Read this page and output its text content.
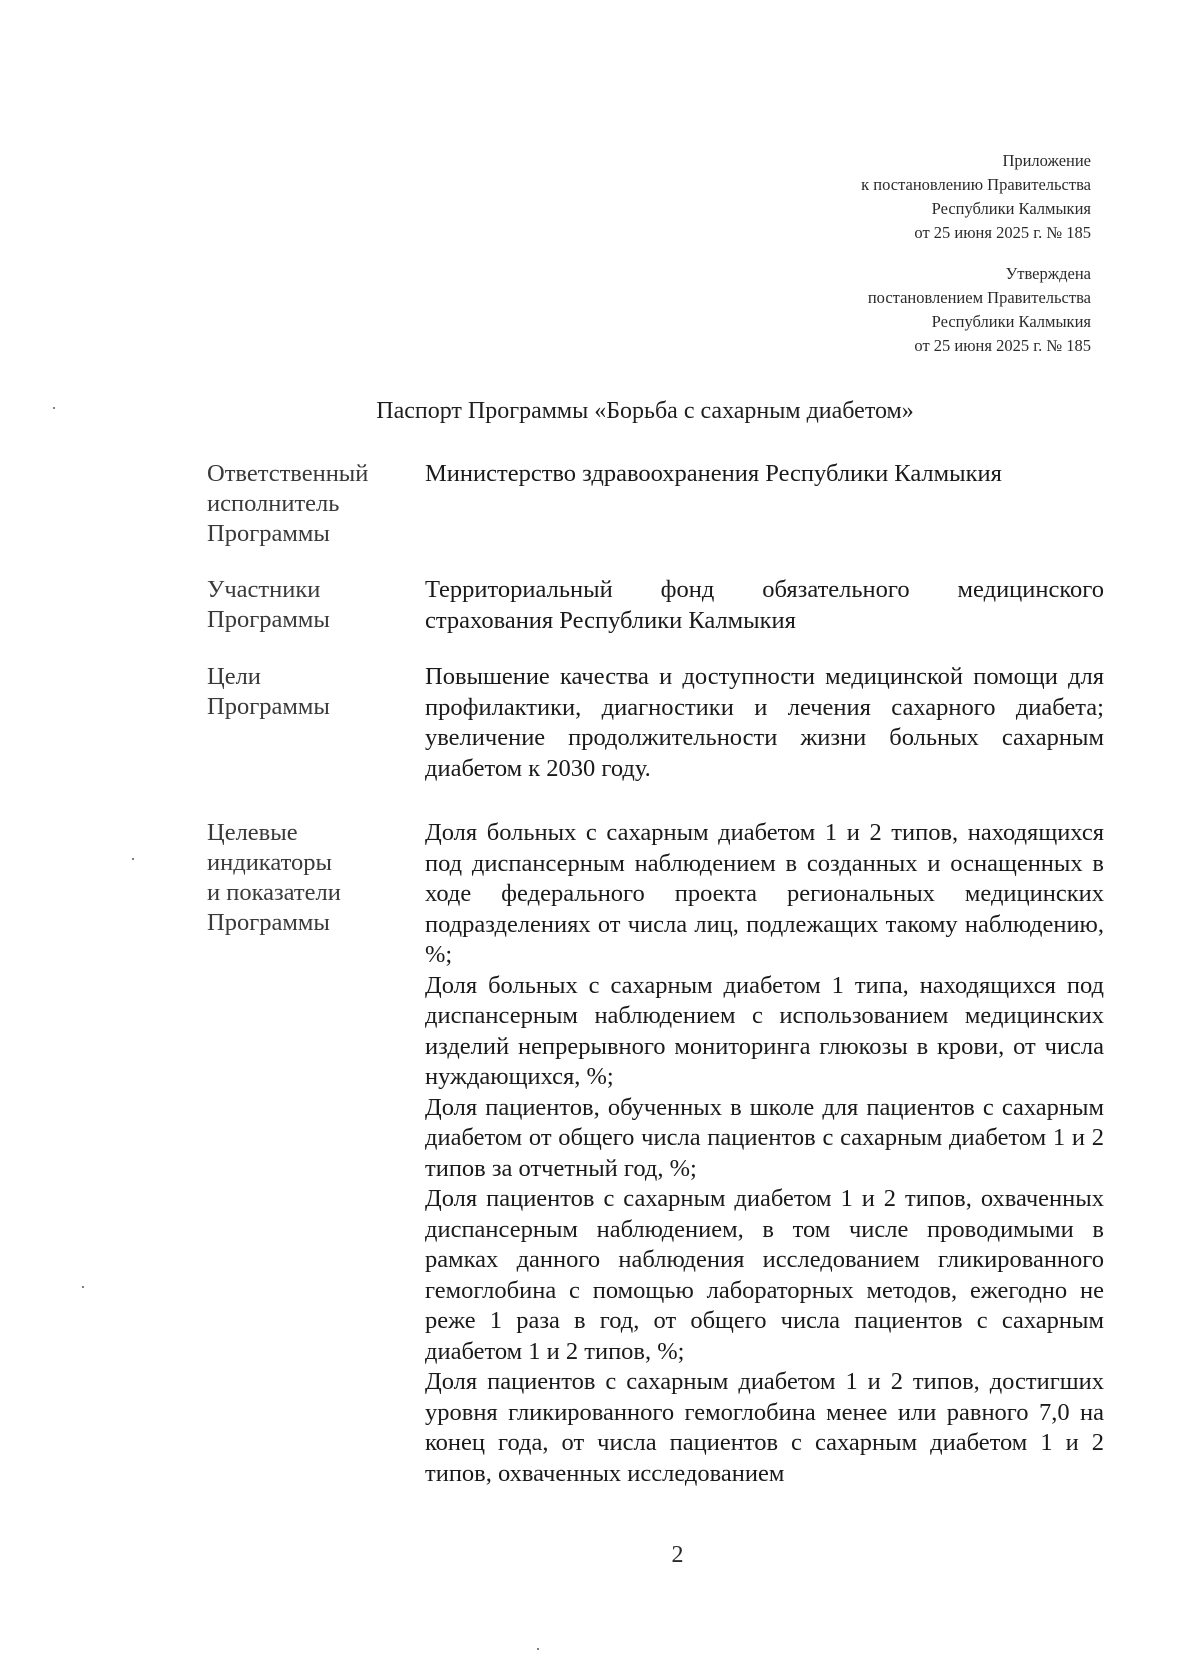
Приложение
к постановлению Правительства
Республики Калмыкия
от 25 июня 2025 г. № 185
Утверждена
постановлением Правительства
Республики Калмыкия
от 25 июня 2025 г. № 185
Паспорт Программы «Борьба с сахарным диабетом»
Ответственный
исполнитель
Программы

Министерство здравоохранения Республики Калмыкия

Участники
Программы

Территориальный фонд обязательного медицинского страхования Республики Калмыкия

Цели
Программы

Повышение качества и доступности медицинской помощи для профилактики, диагностики и лечения сахарного диабета; увеличение продолжительности жизни больных сахарным диабетом к 2030 году.

Целевые
индикаторы
и показатели
Программы

Доля больных с сахарным диабетом 1 и 2 типов, находящихся под диспансерным наблюдением в созданных и оснащенных в ходе федерального проекта региональных медицинских подразделениях от числа лиц, подлежащих такому наблюдению, %;

Доля больных с сахарным диабетом 1 типа, находящихся под диспансерным наблюдением с использованием медицинских изделий непрерывного мониторинга глюкозы в крови, от числа нуждающихся, %;

Доля пациентов, обученных в школе для пациентов с сахарным диабетом от общего числа пациентов с сахарным диабетом 1 и 2 типов за отчетный год, %;

Доля пациентов с сахарным диабетом 1 и 2 типов, охваченных диспансерным наблюдением, в том числе проводимыми в рамках данного наблюдения исследованием гликированного гемоглобина с помощью лабораторных методов, ежегодно не реже 1 раза в год, от общего числа пациентов с сахарным диабетом 1 и 2 типов, %;

Доля пациентов с сахарным диабетом 1 и 2 типов, достигших уровня гликированного гемоглобина менее или равного 7,0 на конец года, от числа пациентов с сахарным диабетом 1 и 2 типов, охваченных исследованием

2
